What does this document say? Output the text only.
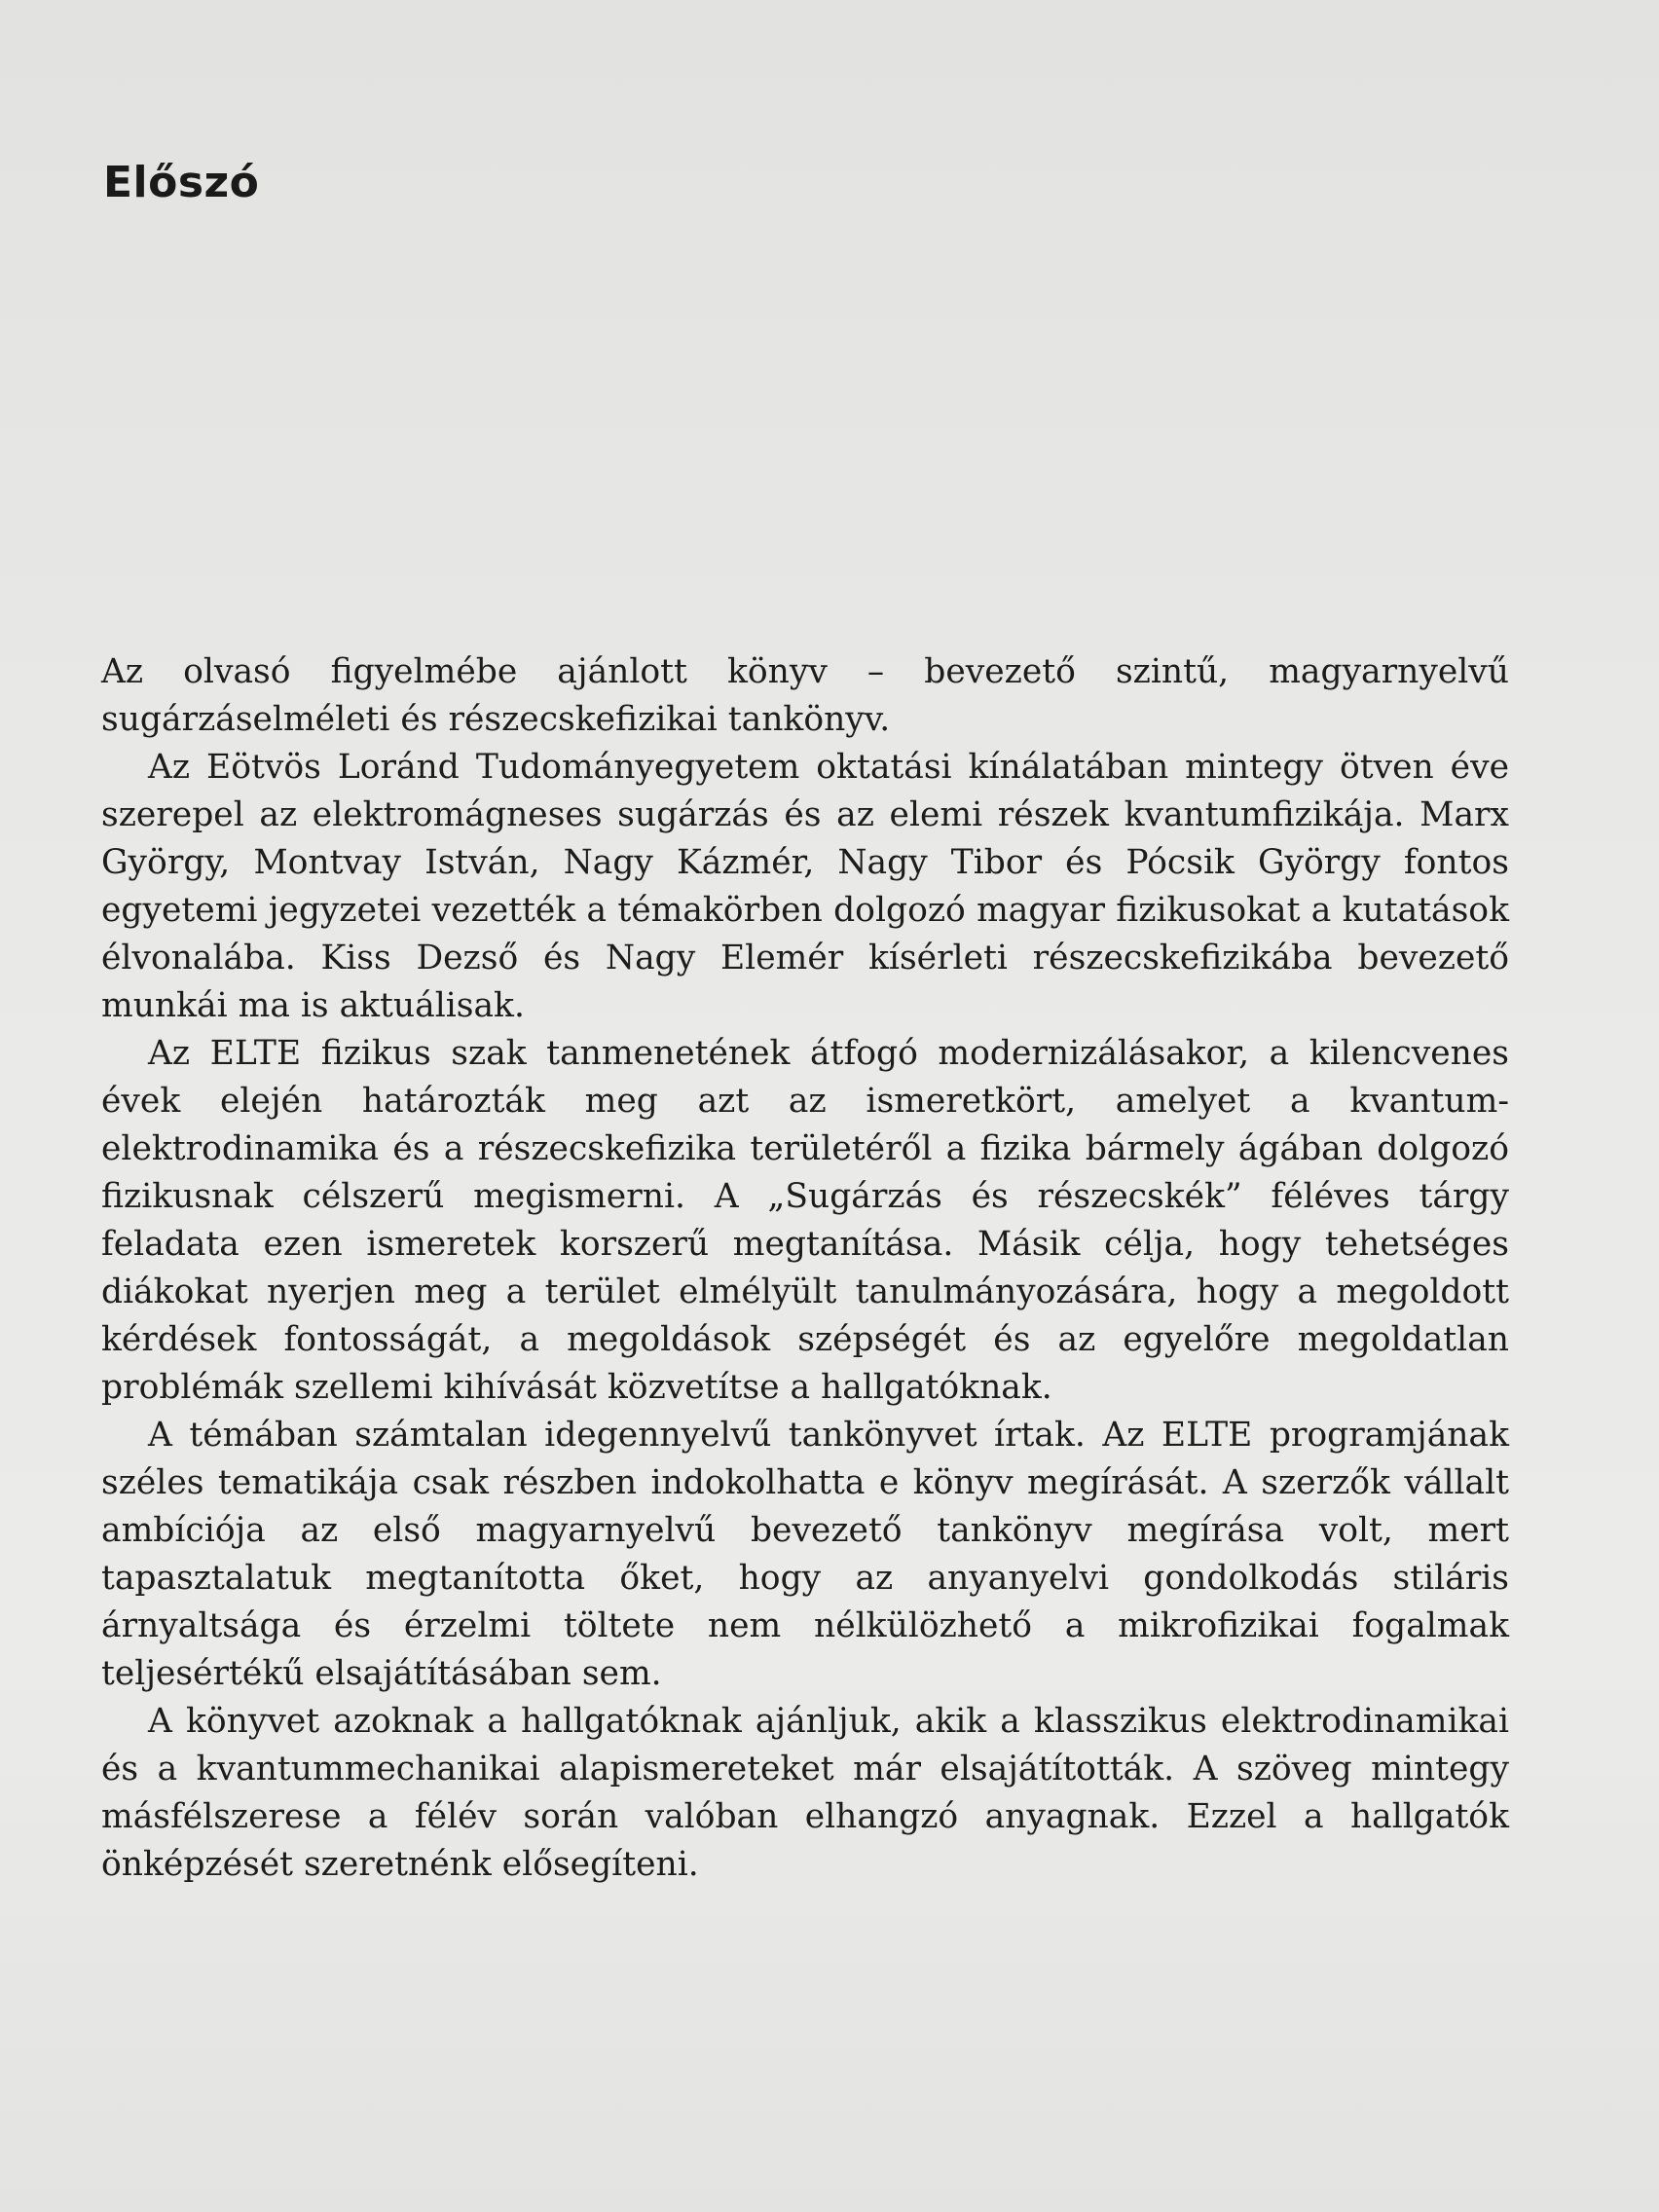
Előszó

Az olvasó figyelmébe ajánlott könyv – bevezető szintű, magyarnyelvű sugárzáselméleti és részecskefizikai tankönyv.

Az Eötvös Loránd Tudományegyetem oktatási kínálatában mintegy ötven éve szerepel az elektromágneses sugárzás és az elemi részek kvantumfizikája. Marx György, Montvay István, Nagy Kázmér, Nagy Tibor és Pócsik György fontos egyetemi jegyzetei vezették a témakörben dolgozó magyar fizikusokat a kutatások élvonalába. Kiss Dezső és Nagy Elemér kísérleti részecskefizikába bevezető munkái ma is aktuálisak.

Az ELTE fizikus szak tanmenetének átfogó modernizálásakor, a kilencvenes évek elején határozták meg azt az ismeretkört, amelyet a kvantumelektrodinamika és a részecskefizika területéről a fizika bármely ágában dolgozó fizikusnak célszerű megismerni. A „Sugárzás és részecskék” féléves tárgy feladata ezen ismeretek korszerű megtanítása. Másik célja, hogy tehetséges diákokat nyerjen meg a terület elmélyült tanulmányozására, hogy a megoldott kérdések fontosságát, a megoldások szépségét és az egyelőre megoldatlan problémák szellemi kihívását közvetítse a hallgatóknak.

A témában számtalan idegennyelvű tankönyvet írtak. Az ELTE programjának széles tematikája csak részben indokolhatta e könyv megírását. A szerzők vállalt ambíciója az első magyarnyelvű bevezető tankönyv megírása volt, mert tapasztalatuk megtanította őket, hogy az anyanyelvi gondolkodás stiláris árnyaltsága és érzelmi töltete nem nélkülözhető a mikrofizikai fogalmak teljesértékű elsajátításában sem.

A könyvet azoknak a hallgatóknak ajánljuk, akik a klasszikus elektrodinamikai és a kvantummechanikai alapismereteket már elsajátították. A szöveg mintegy másfélszerese a félév során valóban elhangzó anyagnak. Ezzel a hallgatók önképzését szeretnénk elősegíteni.
